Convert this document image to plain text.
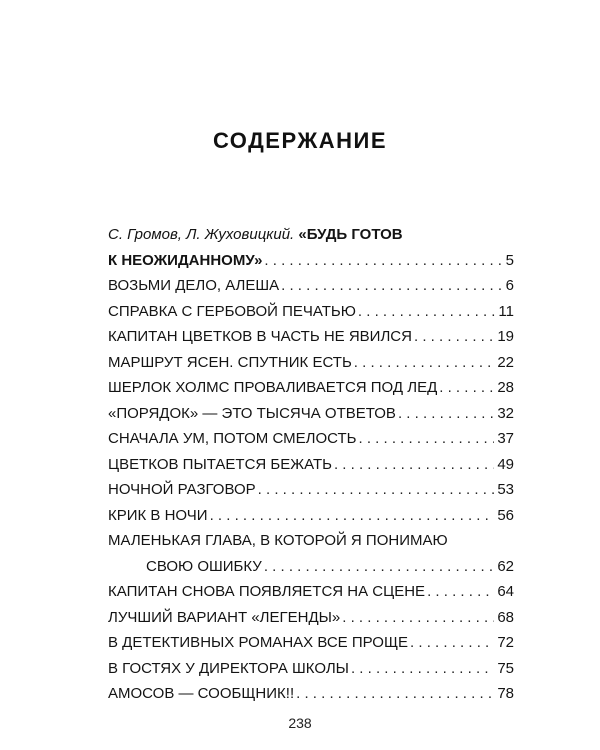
СОДЕРЖАНИЕ
С. Громов, Л. Жуховицкий. «БУДЬ ГОТОВ
К НЕОЖИДАННОМУ» . . .	5
ВОЗЬМИ ДЕЛО, АЛЕША . . .	6
СПРАВКА С ГЕРБОВОЙ ПЕЧАТЬЮ . . .	11
КАПИТАН ЦВЕТКОВ В ЧАСТЬ НЕ ЯВИЛСЯ . . .	19
МАРШРУТ ЯСЕН. СПУТНИК ЕСТЬ . . .	22
ШЕРЛОК ХОЛМС ПРОВАЛИВАЕТСЯ ПОД ЛЕД . . .	28
«ПОРЯДОК» — ЭТО ТЫСЯЧА ОТВЕТОВ . . .	32
СНАЧАЛА УМ, ПОТОМ СМЕЛОСТЬ . . .	37
ЦВЕТКОВ ПЫТАЕТСЯ БЕЖАТЬ . . .	49
НОЧНОЙ РАЗГОВОР . . .	53
КРИК В НОЧИ . . .	56
МАЛЕНЬКАЯ ГЛАВА, В КОТОРОЙ Я ПОНИМАЮ
СВОЮ ОШИБКУ . . .	62
КАПИТАН СНОВА ПОЯВЛЯЕТСЯ НА СЦЕНЕ . . .	64
ЛУЧШИЙ ВАРИАНТ «ЛЕГЕНДЫ» . . .	68
В ДЕТЕКТИВНЫХ РОМАНАХ ВСЕ ПРОЩЕ . . .	72
В ГОСТЯХ У ДИРЕКТОРА ШКОЛЫ . . .	75
АМОСОВ — СООБЩНИК!! . . .	78
238
